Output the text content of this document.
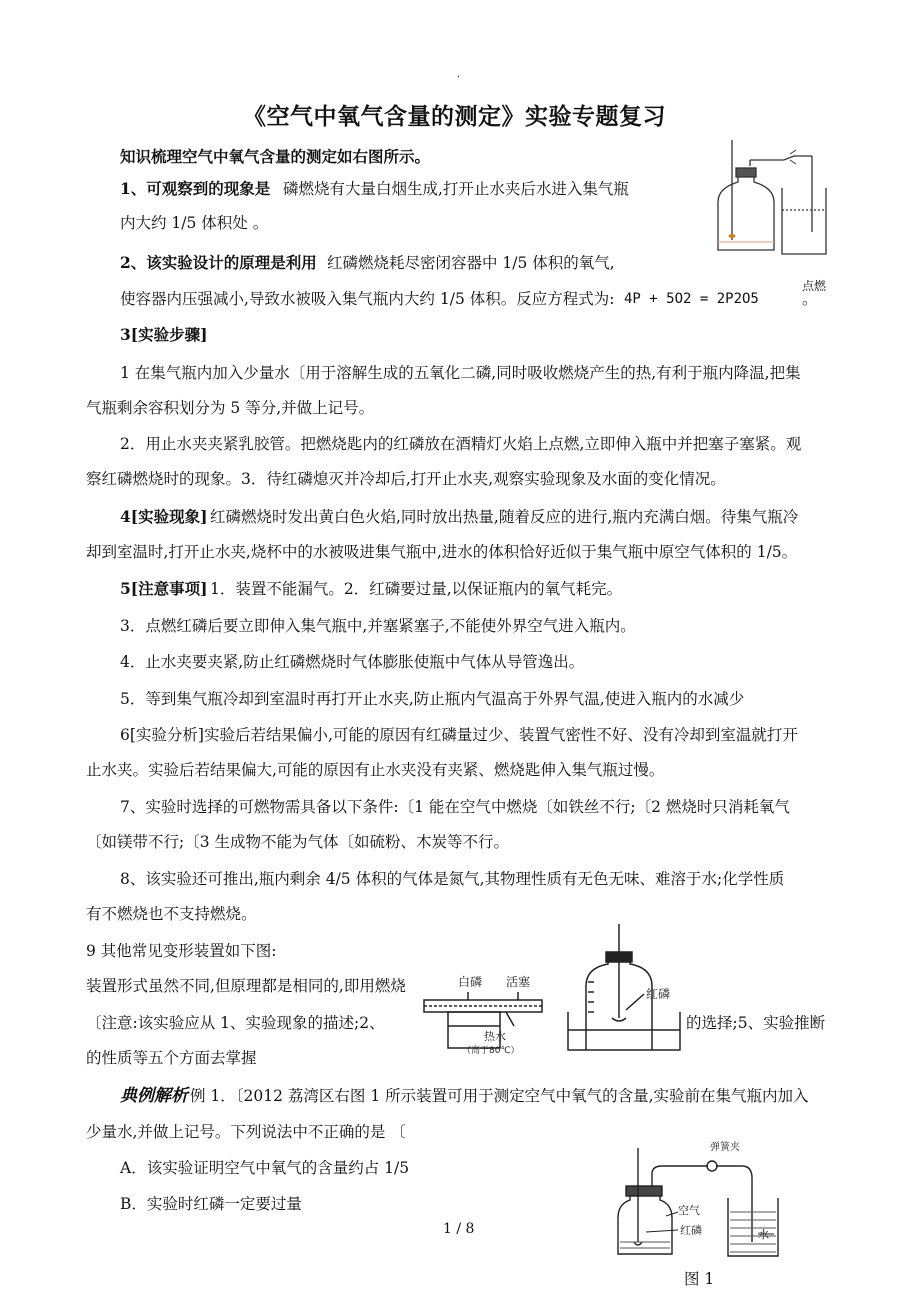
.
《空气中氧气含量的测定》实验专题复习
知识梳理空气中氧气含量的测定如右图所示。
1、可观察到的现象是 磷燃烧有大量白烟生成,打开止水夹后水进入集气瓶
内大约 1/5 体积处 。
2、该实验设计的原理是利用 红磷燃烧耗尽密闭容器中 1/5 体积的氧气,
点燃
使容器内压强减小,导致水被吸入集气瓶内大约 1/5 体积。反应方程式为: 4P + 5O2 = 2P2O5	。
3[实验步骤]
1 在集气瓶内加入少量水〔用于溶解生成的五氧化二磷,同时吸收燃烧产生的热,有利于瓶内降温,把集
气瓶剩余容积划分为 5 等分,并做上记号。
2．用止水夹夹紧乳胶管。把燃烧匙内的红磷放在酒精灯火焰上点燃,立即伸入瓶中并把塞子塞紧。观
察红磷燃烧时的现象。3．待红磷熄灭并冷却后,打开止水夹,观察实验现象及水面的变化情况。
4[实验现象] 红磷燃烧时发出黄白色火焰,同时放出热量,随着反应的进行,瓶内充满白烟。待集气瓶冷
却到室温时,打开止水夹,烧杯中的水被吸进集气瓶中,进水的体积恰好近似于集气瓶中原空气体积的 1/5。
5[注意事项] 1．装置不能漏气。2．红磷要过量,以保证瓶内的氧气耗完。
3．点燃红磷后要立即伸入集气瓶中,并塞紧塞子,不能使外界空气进入瓶内。
4．止水夹要夹紧,防止红磷燃烧时气体膨胀使瓶中气体从导管逸出。
5．等到集气瓶冷却到室温时再打开止水夹,防止瓶内气温高于外界气温,使进入瓶内的水减少
6[实验分析]实验后若结果偏小,可能的原因有红磷量过少、装置气密性不好、没有冷却到室温就打开
止水夹。实验后若结果偏大,可能的原因有止水夹没有夹紧、燃烧匙伸入集气瓶过慢。
7、实验时选择的可燃物需具备以下条件:〔1 能在空气中燃烧〔如铁丝不行;〔2 燃烧时只消耗氧气
〔如镁带不行;〔3 生成物不能为气体〔如硫粉、木炭等不行。
8、该实验还可推出,瓶内剩余 4/5 体积的气体是氮气,其物理性质有无色无味、难溶于水;化学性质
有不燃烧也不支持燃烧。
9 其他常见变形装置如下图:
装置形式虽然不同,但原理都是相同的,即用燃烧
〔注意:该实验应从 1、实验现象的描述;2、	的选择;5、实验推断
的性质等五个方面去掌握
白磷 活塞
热水
（高于80℃）
红磷
典例解析 例 1．〔2012 荔湾区右图 1 所示装置可用于测定空气中氧气的含量,实验前在集气瓶内加入
少量水,并做上记号。下列说法中不正确的是 〔
A．该实验证明空气中氧气的含量约占 1/5
B．实验时红磷一定要过量
弹簧夹
空气
红磷	水
1 / 8
图 1
